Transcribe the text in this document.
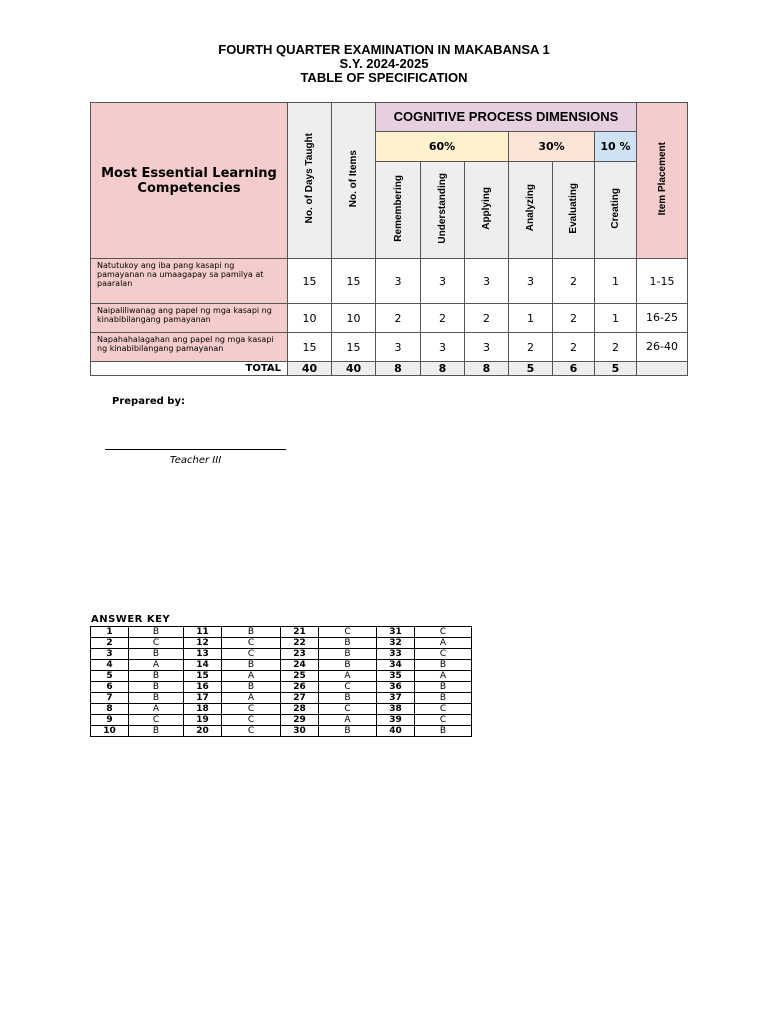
FOURTH QUARTER EXAMINATION IN MAKABANSA 1
S.Y. 2024-2025
TABLE OF SPECIFICATION
Most Essential Learning Competencies	No. of Days Taught	No. of Items	COGNITIVE PROCESS DIMENSIONS						Item Placement
			60%			30%		10 %	
			Remembering	Understanding	Applying	Analyzing	Evaluating	Creating	
Natutukoy ang iba pang kasapi ng pamayanan na umaagapay sa pamilya at paaralan	15	15	3	3	3	3	2	1	1-15
Naipaliliwanag ang papel ng mga kasapi ng kinabibilangang pamayanan	10	10	2	2	2	1	2	1	16-25
Napahahalagahan ang papel ng mga kasapi ng kinabibilangang pamayanan	15	15	3	3	3	2	2	2	26-40
TOTAL	40	40	8	8	8	5	6	5	
Prepared by:
Teacher III
ANSWER KEY
1	B	11	B	21	C	31	C
2	C	12	C	22	B	32	A
3	B	13	C	23	B	33	C
4	A	14	B	24	B	34	B
5	B	15	A	25	A	35	A
6	B	16	B	26	C	36	B
7	B	17	A	27	B	37	B
8	A	18	C	28	C	38	C
9	C	19	C	29	A	39	C
10	B	20	C	30	B	40	B
